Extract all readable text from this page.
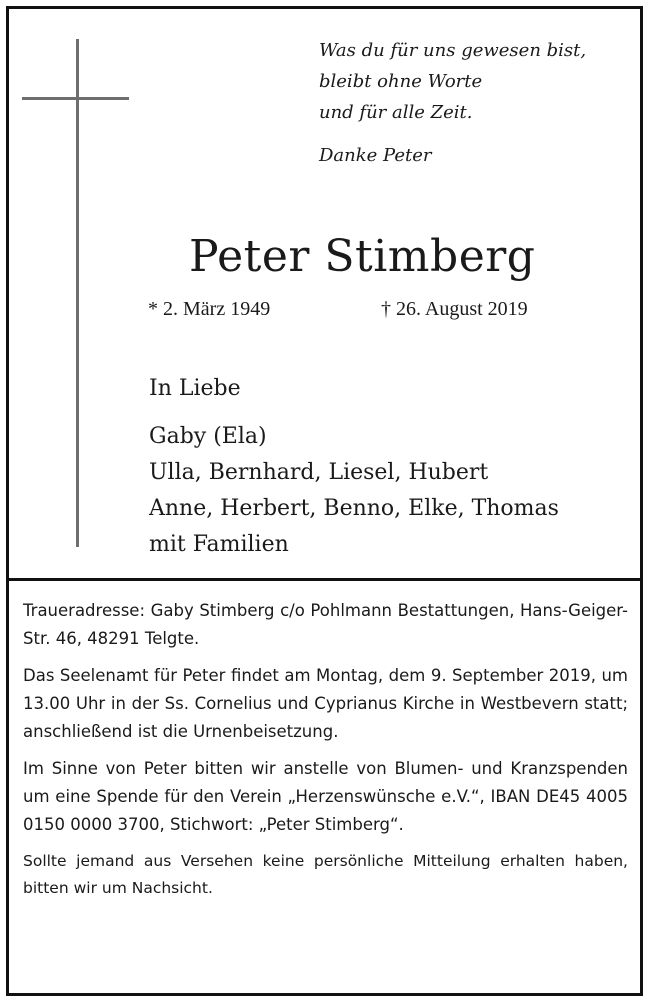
Was du für uns gewesen bist,
bleibt ohne Worte
und für alle Zeit.
Danke Peter
Peter Stimberg
* 2. März 1949	† 26. August 2019
In Liebe
Gaby (Ela)
Ulla, Bernhard, Liesel, Hubert
Anne, Herbert, Benno, Elke, Thomas
mit Familien

Traueradresse: Gaby Stimberg c/o Pohlmann Bestattungen, Hans-Geiger-Str. 46, 48291 Telgte.

Das Seelenamt für Peter findet am Montag, dem 9. September 2019, um 13.00 Uhr in der Ss. Cornelius und Cyprianus Kirche in Westbevern statt; anschließend ist die Urnenbeisetzung.

Im Sinne von Peter bitten wir anstelle von Blumen- und Kranzspenden um eine Spende für den Verein „Herzenswünsche e.V.“, IBAN DE45 4005 0150 0000 3700, Stichwort: „Peter Stimberg“.

Sollte jemand aus Versehen keine persönliche Mitteilung erhalten haben, bitten wir um Nachsicht.
